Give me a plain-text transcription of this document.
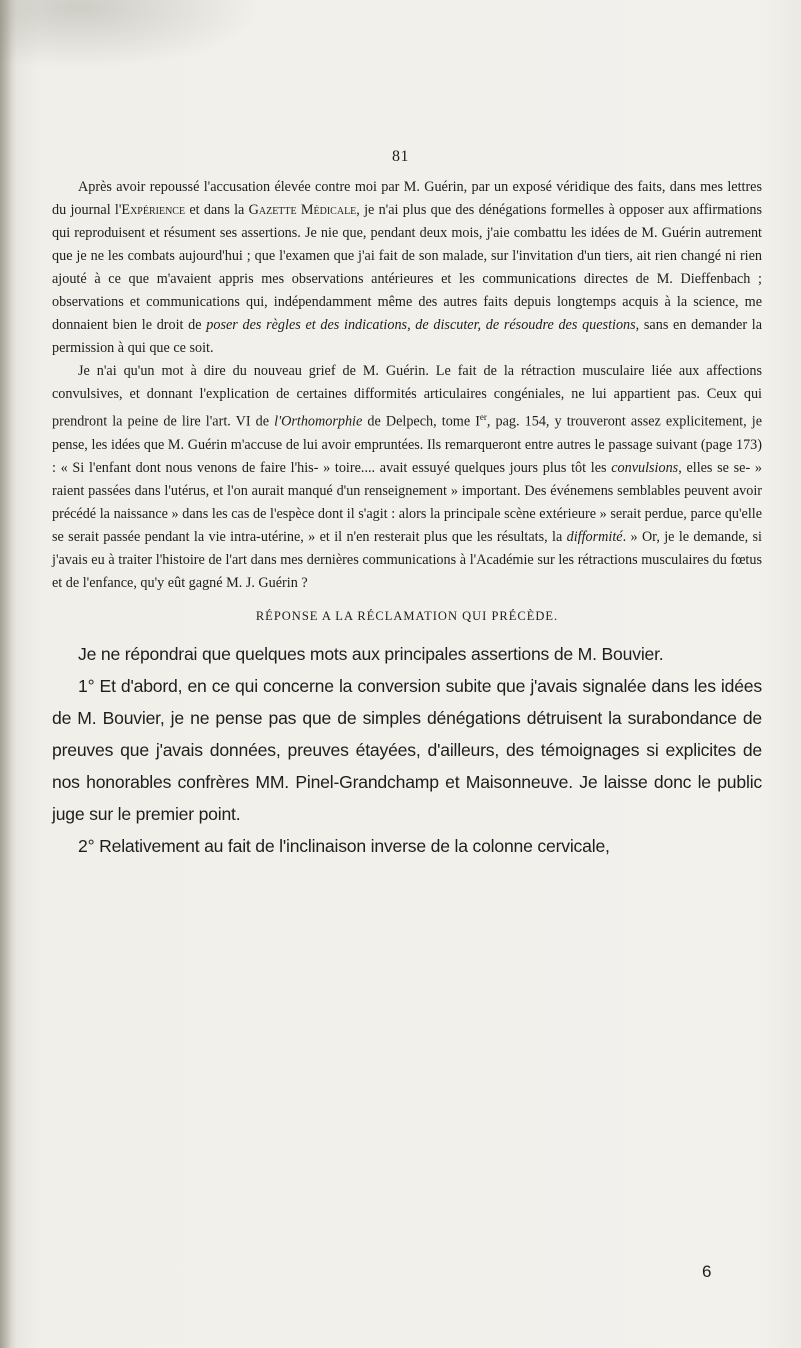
81

Après avoir repoussé l'accusation élevée contre moi par M. Guérin, par un exposé véridique des faits, dans mes lettres du journal l'Expérience et dans la Gazette Médicale, je n'ai plus que des dénégations formelles à opposer aux affirmations qui reproduisent et résument ses assertions. Je nie que, pendant deux mois, j'aie combattu les idées de M. Guérin autrement que je ne les combats aujourd'hui ; que l'examen que j'ai fait de son malade, sur l'invitation d'un tiers, ait rien changé ni rien ajouté à ce que m'avaient appris mes observations antérieures et les communications directes de M. Dieffenbach ; observations et communications qui, indépendamment même des autres faits depuis longtemps acquis à la science, me donnaient bien le droit de poser des règles et des indications, de discuter, de résoudre des questions, sans en demander la permission à qui que ce soit.

Je n'ai qu'un mot à dire du nouveau grief de M. Guérin. Le fait de la rétraction musculaire liée aux affections convulsives, et donnant l'explication de certaines difformités articulaires congéniales, ne lui appartient pas. Ceux qui prendront la peine de lire l'art. VI de l'Orthomorphie de Delpech, tome Ier, pag. 154, y trouveront assez explicitement, je pense, les idées que M. Guérin m'accuse de lui avoir empruntées. Ils remarqueront entre autres le passage suivant (page 173) : « Si l'enfant dont nous venons de faire l'his- » toire.... avait essuyé quelques jours plus tôt les convulsions, elles se se- » raient passées dans l'utérus, et l'on aurait manqué d'un renseignement » important. Des événemens semblables peuvent avoir précédé la naissance » dans les cas de l'espèce dont il s'agit : alors la principale scène extérieure » serait perdue, parce qu'elle se serait passée pendant la vie intra-utérine, » et il n'en resterait plus que les résultats, la difformité. » Or, je le demande, si j'avais eu à traiter l'histoire de l'art dans mes dernières communications à l'Académie sur les rétractions musculaires du fœtus et de l'enfance, qu'y eût gagné M. J. Guérin ?

RÉPONSE A LA RÉCLAMATION QUI PRÉCÈDE.

Je ne répondrai que quelques mots aux principales assertions de M. Bouvier.

1° Et d'abord, en ce qui concerne la conversion subite que j'avais signalée dans les idées de M. Bouvier, je ne pense pas que de simples dénégations détruisent la surabondance de preuves que j'avais données, preuves étayées, d'ailleurs, des témoignages si explicites de nos honorables confrères MM. Pinel-Grandchamp et Maisonneuve. Je laisse donc le public juge sur le premier point.

2° Relativement au fait de l'inclinaison inverse de la colonne cervicale,

6
